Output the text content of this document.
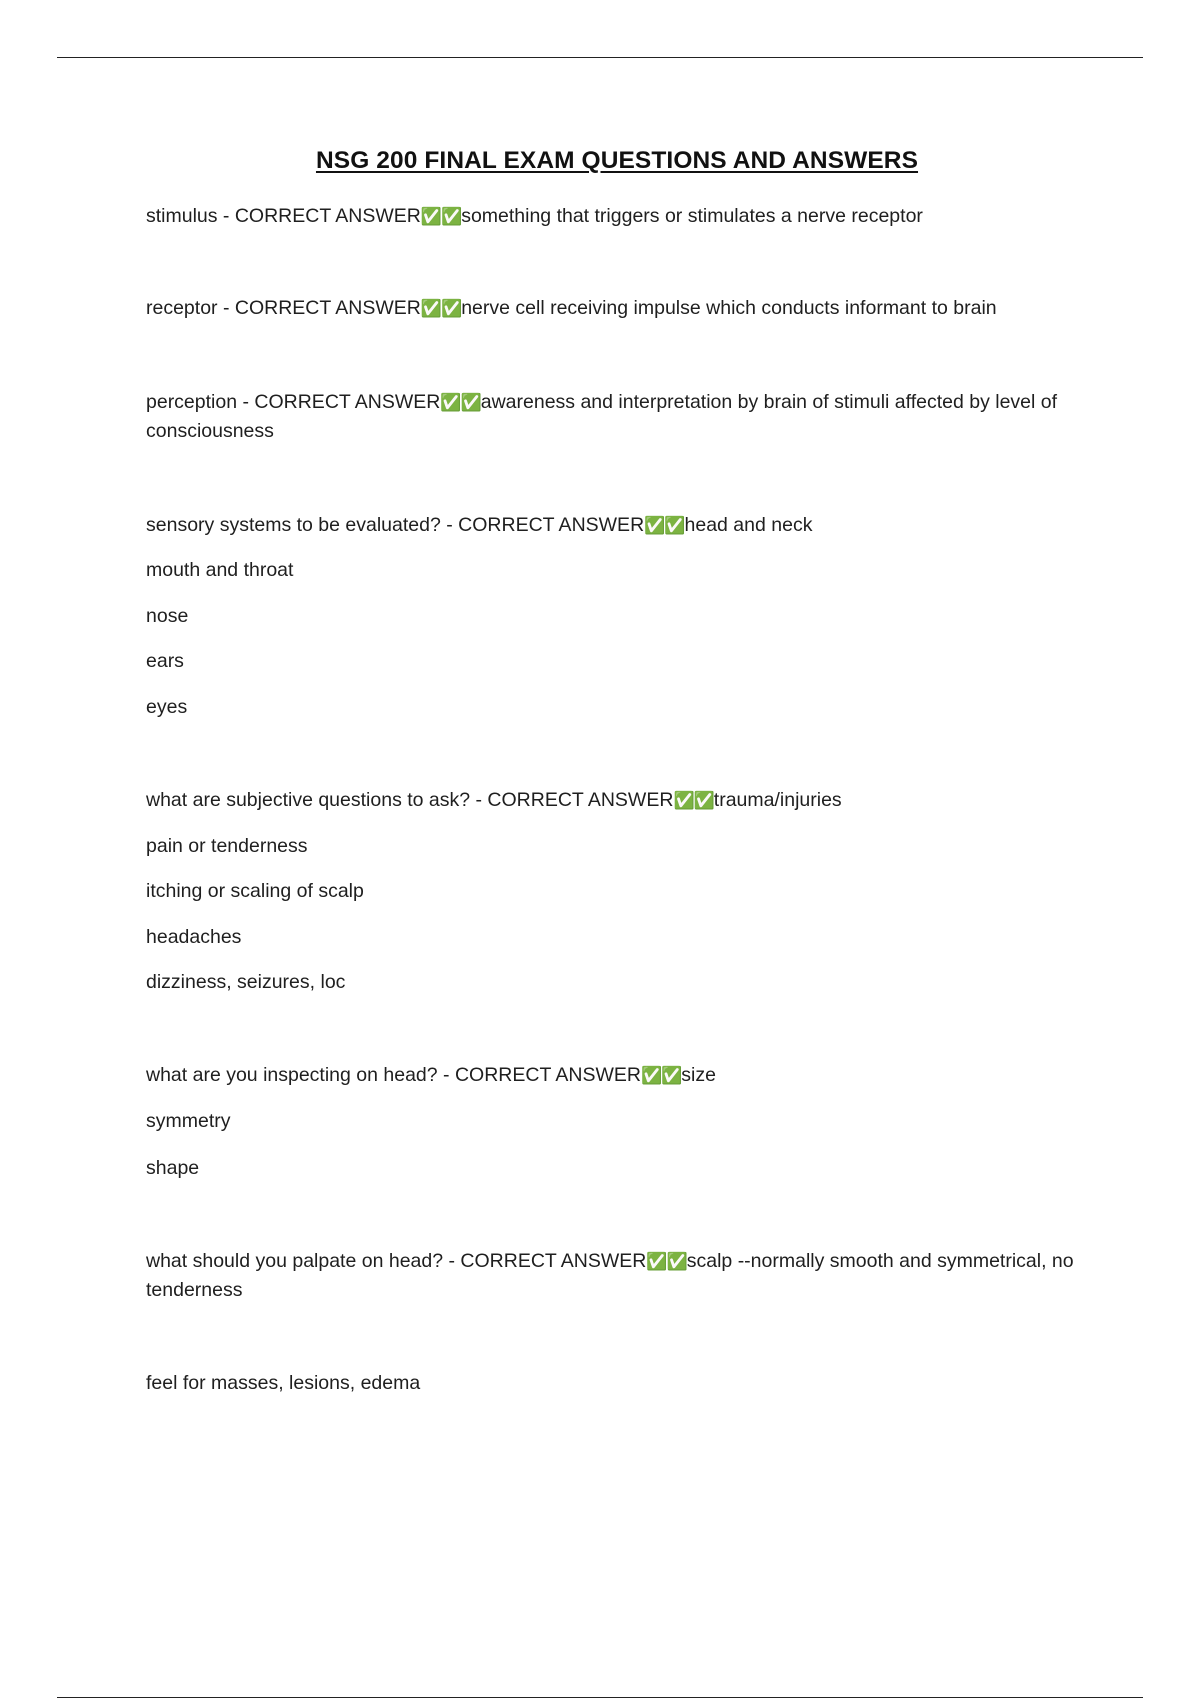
NSG 200 FINAL EXAM QUESTIONS AND ANSWERS
stimulus - CORRECT ANSWER✅✅something that triggers or stimulates a nerve receptor
receptor - CORRECT ANSWER✅✅nerve cell receiving impulse which conducts informant to brain
perception - CORRECT ANSWER✅✅awareness and interpretation by brain of stimuli affected by level of consciousness
sensory systems to be evaluated? - CORRECT ANSWER✅✅head and neck
mouth and throat
nose
ears
eyes
what are subjective questions to ask? - CORRECT ANSWER✅✅trauma/injuries
pain or tenderness
itching or scaling of scalp
headaches
dizziness, seizures, loc
what are you inspecting on head? - CORRECT ANSWER✅✅size
symmetry
shape
what should you palpate on head? - CORRECT ANSWER✅✅scalp --normally smooth and symmetrical, no tenderness
feel for masses, lesions, edema
